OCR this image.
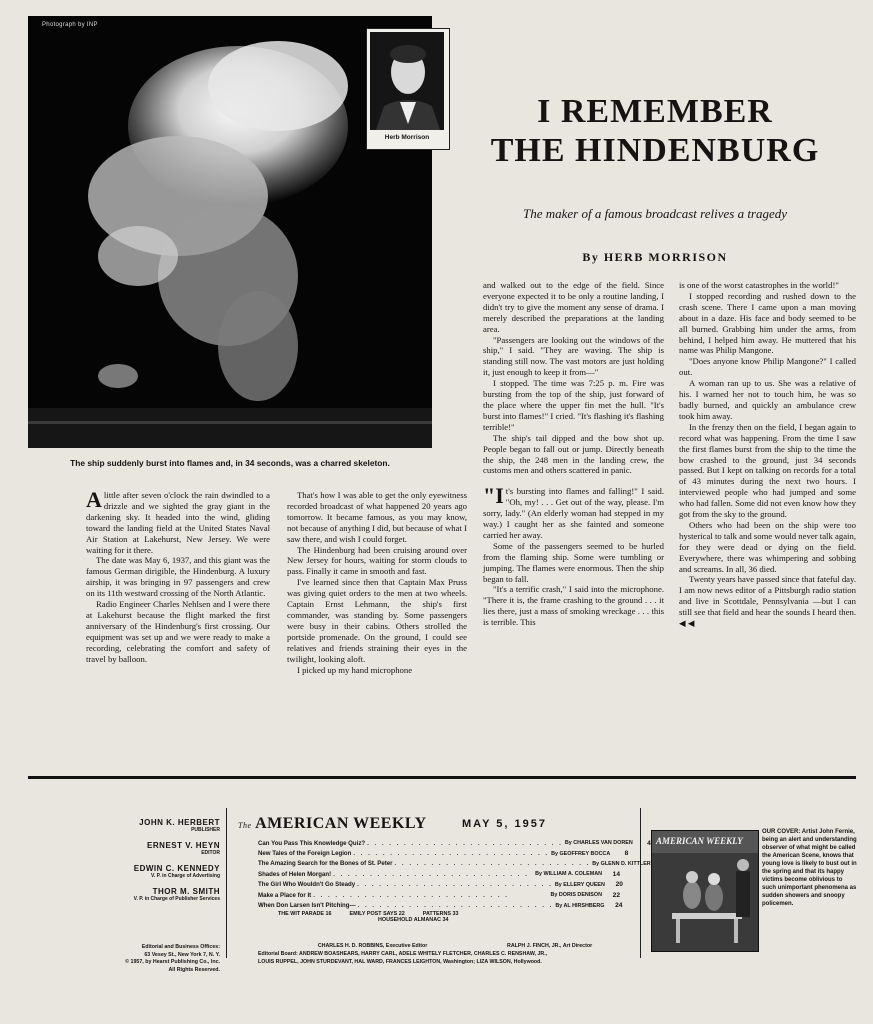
Photograph by INP
Herb Morrison
The ship suddenly burst into flames and, in 34 seconds, was a charred skeleton.
I REMEMBER
THE HINDENBURG
The maker of a famous broadcast relives a tragedy
By HERB MORRISON

Alittle after seven o'clock the rain dwindled to a drizzle and we sighted the gray giant in the darkening sky. It headed into the wind, gliding toward the landing field at the United States Naval Air Station at Lakehurst, New Jersey. We were waiting for it there.

The date was May 6, 1937, and this giant was the famous German dirigible, the Hindenburg. A luxury airship, it was bringing in 97 passengers and crew on its 11th westward crossing of the North Atlantic.

Radio Engineer Charles Nehlsen and I were there at Lakehurst because the flight marked the first anniversary of the Hindenburg's first crossing. Our equipment was set up and we were ready to make a recording, celebrating the comfort and safety of travel by balloon.

That's how I was able to get the only eyewitness recorded broadcast of what happened 20 years ago tomorrow. It became famous, as you may know, not because of anything I did, but because of what I saw there, and wish I could forget.

The Hindenburg had been cruising around over New Jersey for hours, waiting for storm clouds to pass. Finally it came in smooth and fast.

I've learned since then that Captain Max Pruss was giving quiet orders to the men at two wheels. Captain Ernst Lehmann, the ship's first commander, was standing by. Some passengers were busy in their cabins. Others strolled the portside promenade. On the ground, I could see relatives and friends straining their eyes in the twilight, looking aloft.

I picked up my hand microphone

and walked out to the edge of the field. Since everyone expected it to be only a routine landing, I didn't try to give the moment any sense of drama. I merely described the preparations at the landing area.

"Passengers are looking out the windows of the ship," I said. "They are waving. The ship is standing still now. The vast motors are just holding it, just enough to keep it from—"

I stopped. The time was 7:25 p. m. Fire was bursting from the top of the ship, just forward of the place where the upper fin met the hull. "It's burst into flames!" I cried. "It's flashing it's flashing terrible!"

The ship's tail dipped and the bow shot up. People began to fall out or jump. Directly beneath the ship, the 248 men in the landing crew, the customs men and others scattered in panic.

"It's bursting into flames and falling!" I said. "Oh, my! . . . Get out of the way, please. I'm sorry, lady." (An elderly woman had stepped in my way.) I caught her as she fainted and someone carried her away.

Some of the passengers seemed to be hurled from the flaming ship. Some were tumbling or jumping. The flames were enormous. Then the ship began to fall.

"It's a terrific crash," I said into the microphone. "There it is, the frame crashing to the ground . . . it lies there, just a mass of smoking wreckage . . . this is terrible. This

is one of the worst catastrophes in the world!"

I stopped recording and rushed down to the crash scene. There I came upon a man moving about in a daze. His face and body seemed to be all burned. Grabbing him under the arms, from behind, I helped him away. He muttered that his name was Philip Mangone.

"Does anyone know Philip Mangone?" I called out.

A woman ran up to us. She was a relative of his. I warned her not to touch him, he was so badly burned, and quickly an ambulance crew took him away.

In the frenzy then on the field, I began again to record what was happening. From the time I saw the first flames burst from the ship to the time the bow crashed to the ground, just 34 seconds passed. But I kept on talking on records for a total of 43 minutes during the next two hours. I interviewed people who had jumped and some who had fallen. Some did not even know how they got from the sky to the ground.

Others who had been on the ship were too hysterical to talk and some would never talk again, for they were dead or dying on the field. Everywhere, there was whimpering and sobbing and screams. In all, 36 died.

Twenty years have passed since that fateful day. I am now news editor of a Pittsburgh radio station and live in Scottdale, Pennsylvania —but I can still see that field and hear the sounds I heard then. ◀ ◀

JOHN K. HERBERT
PUBLISHER
ERNEST V. HEYN
EDITOR
EDWIN C. KENNEDY
V. P. in Charge of Advertising
THOR M. SMITH
V. P. in Charge of Publisher Services
Editorial and Business Offices:
63 Vesey St., New York 7, N. Y.
© 1957, by Hearst Publishing Co., Inc.
All Rights Reserved.
The AMERICAN WEEKLY	MAY 5, 1957
Can You Pass This Knowledge Quiz? . . . . . . . . . . . . . . . . . . . . . . . . . . . By CHARLES VAN DOREN	4
New Tales of the Foreign Legion . . . . . . . . . . . . . . . . . . . . . . . . . . . By GEOFFREY BOCCA	8
The Amazing Search for the Bones of St. Peter . . . . . . . . . . . . . . . . . . . . . . . . . . . By GLENN D. KITTLER
Shades of Helen Morgan! . . . . . . . . . . . . . . . . . . . . . . . . . . .	By WILLIAM A. COLEMAN	14
The Girl Who Wouldn't Go Steady . . . . . . . . . . . . . . . . . . . . . . . . . . . By ELLERY QUEEN	20
Make a Place for It . . . . . . . . . . . . . . . . . . . . . . . . . . .	By DORIS DENISON	22
When Don Larsen Isn't Pitching— . . . . . . . . . . . . . . . . . . . . . . . . . . . By AL HIRSHBERG	24
THE WIT PARADE 16	EMILY POST SAYS 22	PATTERNS 33
HOUSEHOLD ALMANAC 34
CHARLES H. D. ROBBINS, Executive Editor	RALPH J. FINCH, JR., Art Director
Editorial Board: ANDREW BOASHEARS, HARRY CARL, ADELE WHITELY FLETCHER, CHARLES C. RENSHAW, JR.,
LOUIS RUPPEL, JOHN STURDEVANT, HAL WARD, FRANCES LEIGHTON, Washington; LIZA WILSON, Hollywood.
AMERICAN WEEKLY
OUR COVER: Artist John Fernie, being an alert and understanding observer of what might be called the American Scene, knows that young love is likely to bust out in the spring and that its happy victims become oblivious to such unimportant phenomena as sudden showers and snoopy policemen.
